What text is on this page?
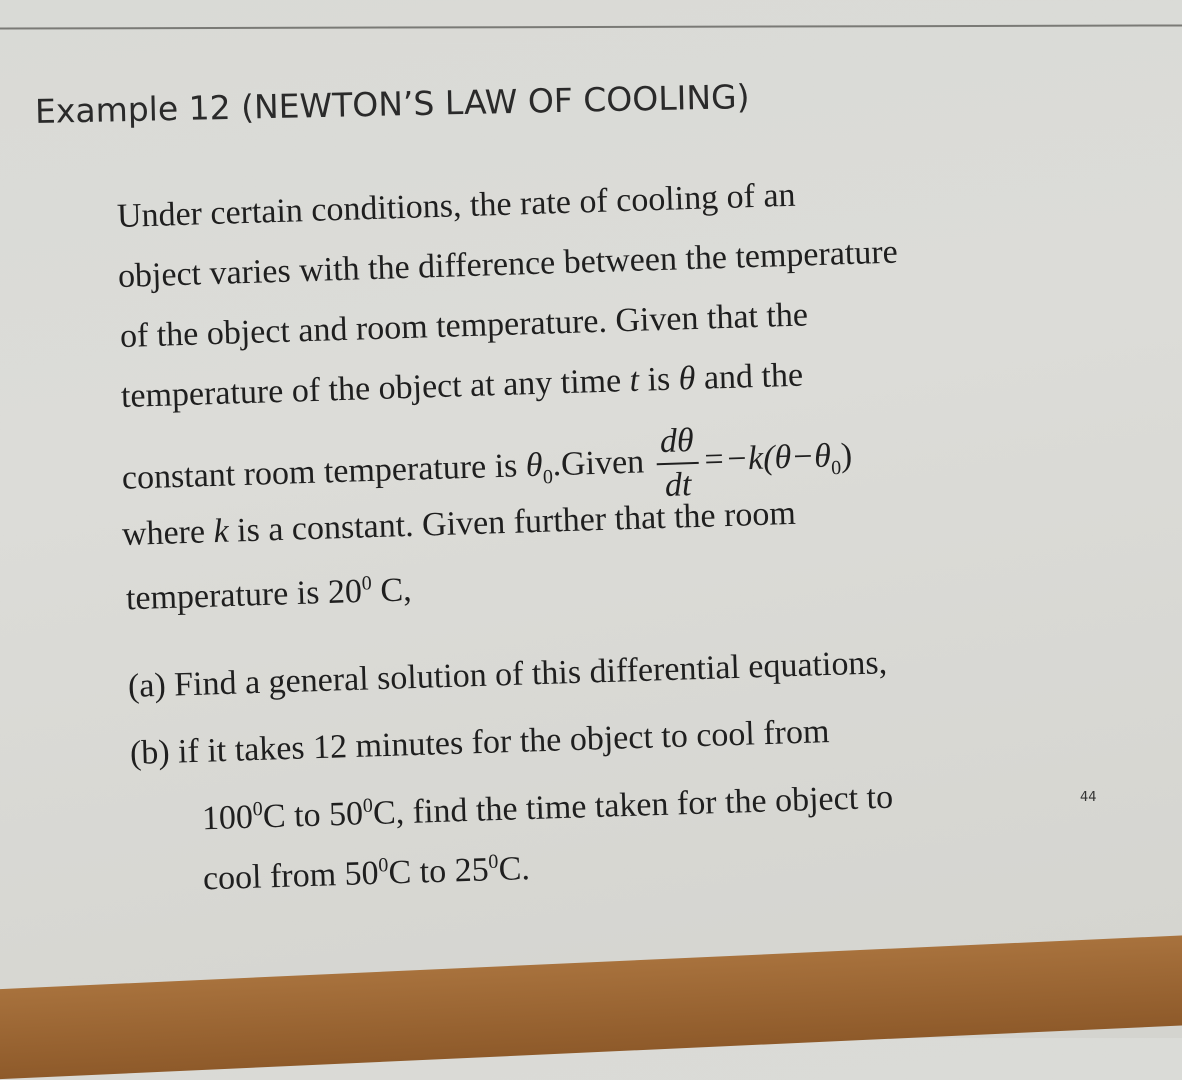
Example 12 (NEWTON’S LAW OF COOLING)
Under certain conditions, the rate of cooling of an
object varies with the difference between the temperature
of the object and room temperature. Given that the
temperature of the object at any time t is θ and the
constant room temperature is $\theta_0.Given \frac{d\theta}{dt} =-k(\theta-\theta_0)$
where k is a constant. Given further that the room
temperature is $20^0$ C,
(a) Find a general solution of this differential equations,
(b) if it takes 12 minutes for the object to cool from
$100^0C$ to $50^0C$, find the time taken for the object to
cool from $50^0C$ to $25^0C$.
44
